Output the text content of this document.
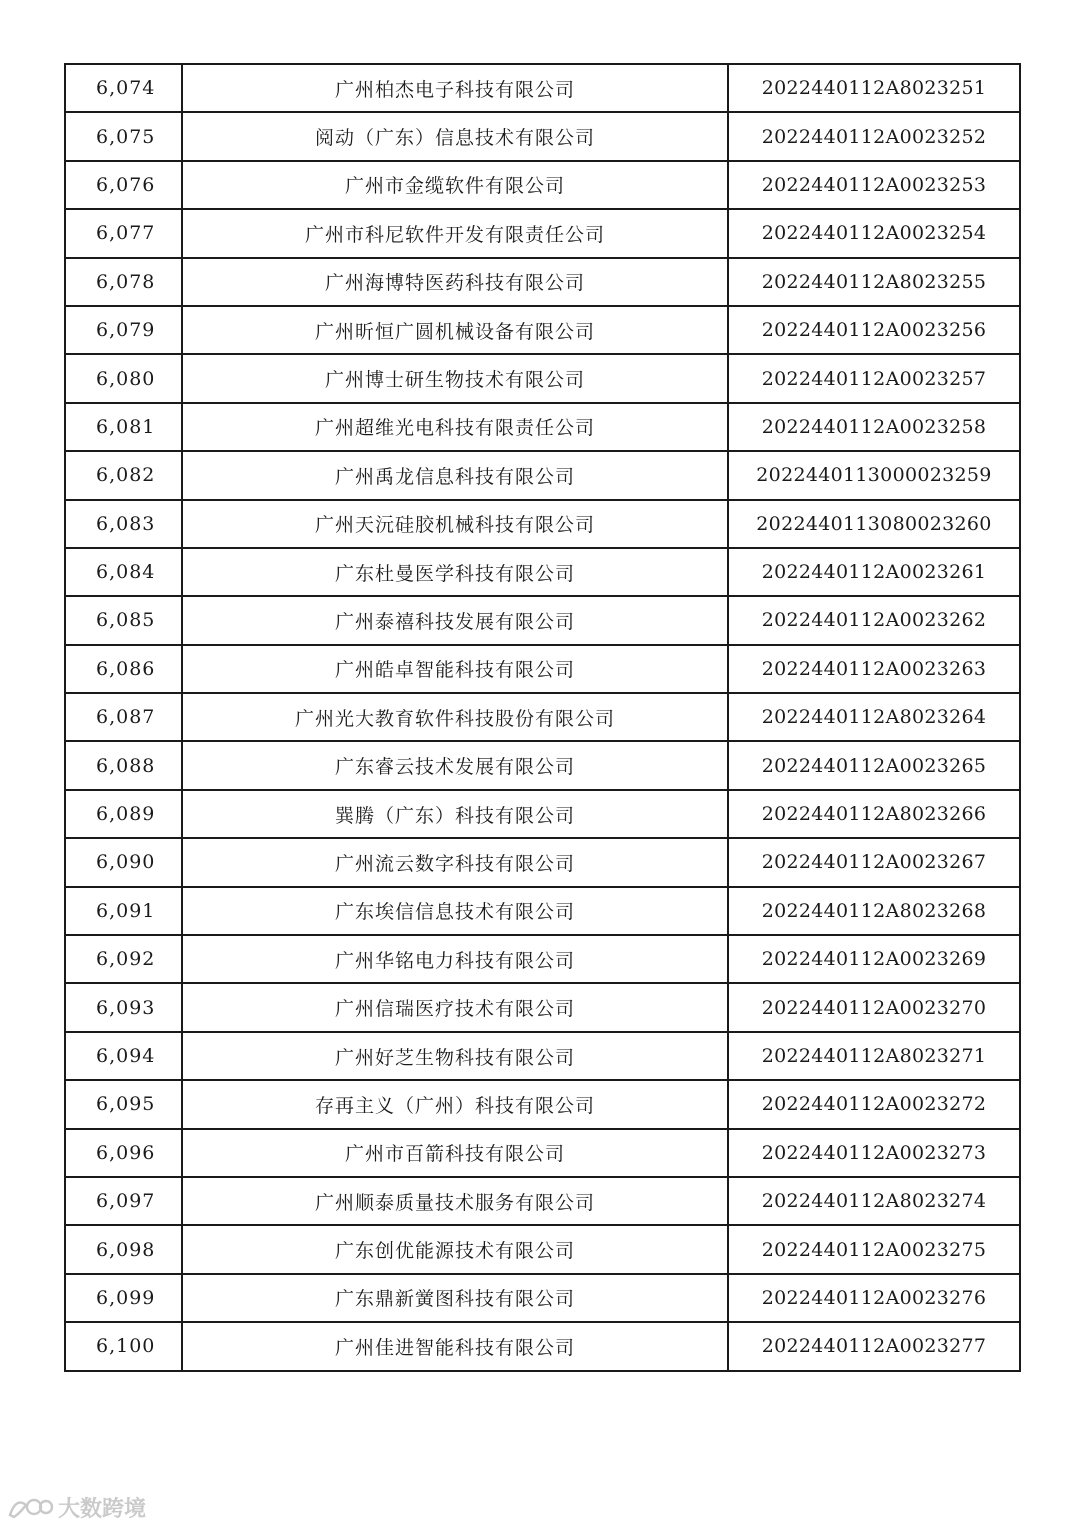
6,074	广州柏杰电子科技有限公司	2022440112A8023251
6,075	阅动（广东）信息技术有限公司	2022440112A0023252
6,076	广州市金缆软件有限公司	2022440112A0023253
6,077	广州市科尼软件开发有限责任公司	2022440112A0023254
6,078	广州海博特医药科技有限公司	2022440112A8023255
6,079	广州昕恒广圆机械设备有限公司	2022440112A0023256
6,080	广州博士研生物技术有限公司	2022440112A0023257
6,081	广州超维光电科技有限责任公司	2022440112A0023258
6,082	广州禹龙信息科技有限公司	2022440113000023259
6,083	广州天沅硅胶机械科技有限公司	2022440113080023260
6,084	广东杜曼医学科技有限公司	2022440112A0023261
6,085	广州泰禧科技发展有限公司	2022440112A0023262
6,086	广州皓卓智能科技有限公司	2022440112A0023263
6,087	广州光大教育软件科技股份有限公司	2022440112A8023264
6,088	广东睿云技术发展有限公司	2022440112A0023265
6,089	巽腾（广东）科技有限公司	2022440112A8023266
6,090	广州流云数字科技有限公司	2022440112A0023267
6,091	广东埃信信息技术有限公司	2022440112A8023268
6,092	广州华铭电力科技有限公司	2022440112A0023269
6,093	广州信瑞医疗技术有限公司	2022440112A0023270
6,094	广州好芝生物科技有限公司	2022440112A8023271
6,095	存再主义（广州）科技有限公司	2022440112A0023272
6,096	广州市百箭科技有限公司	2022440112A0023273
6,097	广州顺泰质量技术服务有限公司	2022440112A8023274
6,098	广东创优能源技术有限公司	2022440112A0023275
6,099	广东鼎新黉图科技有限公司	2022440112A0023276
6,100	广州佳进智能科技有限公司	2022440112A0023277
大数跨境
